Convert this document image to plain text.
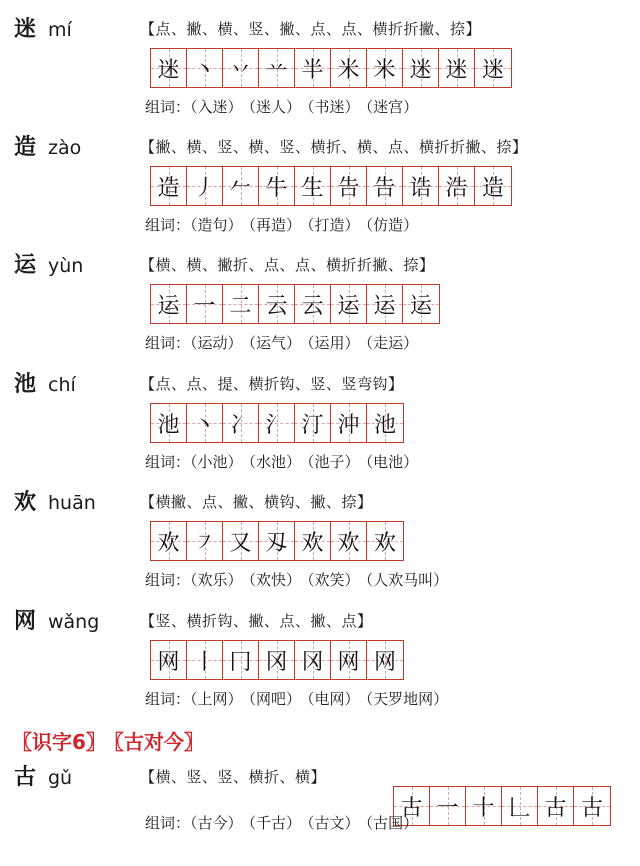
迷 mí	【点、撇、横、竖、撇、点、点、横折折撇、捺】
迷 丶 丷 䒑 半 米 米 迷 迷 迷
组词：（入迷） （迷人） （书迷） （迷宫）
造 zào	【撇、横、竖、横、竖、横折、横、点、横折折撇、捺】
造 丿 𠂉 牛 生 告 告 诰 浩 造
组词：（造句） （再造） （打造） （仿造）
运 yùn	【横、横、撇折、点、点、横折折撇、捺】
运 一 二 云 云 运 运 运
组词：（运动） （运气） （运用） （走运）
池 chí	【点、点、提、横折钩、竖、竖弯钩】
池 丶 冫 氵 汀 沖 池
组词：（小池） （水池） （池子） （电池）
欢 huān	【横撇、点、撇、横钩、撇、捺】
欢 ㇇ 又 刄 欢 欢 欢
组词：（欢乐） （欢快） （欢笑） （人欢马叫）
网 wǎng	【竖、横折钩、撇、点、撇、点】
网 丨 冂 冈 冈 网 网
组词：（上网） （网吧） （电网） （天罗地网）
〖识字6〗 〖古对今〗
古 gǔ	【横、竖、竖、横折、横】
古 一 十 𠃊 古 古
组词：（古今） （千古） （古文） （古国）
